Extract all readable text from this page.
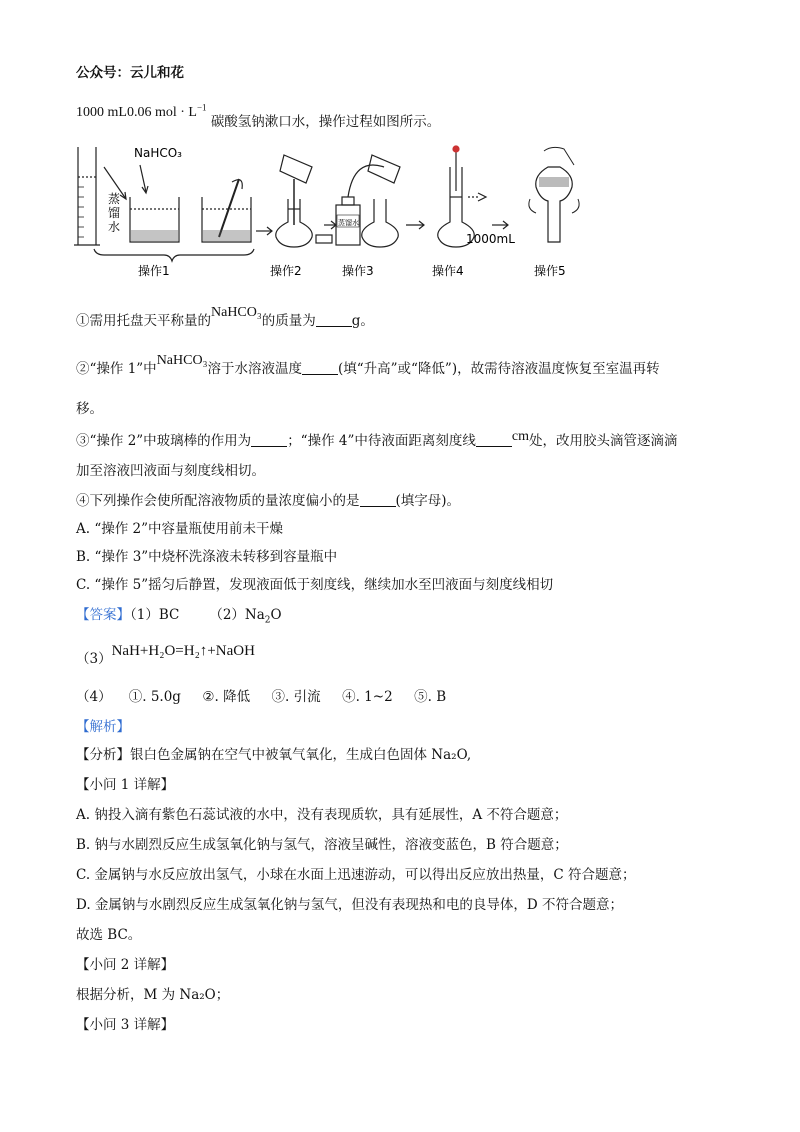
公众号：云儿和花
1000 mL0.06 mol · $L^{-1}$ 碳酸氢钠漱口水，操作过程如图所示。
NaHCO₃
蒸
馏
水	蒸馏水
1000mL
操作1	操作2	操作3	操作4	操作5
①需用托盘天平称量的NaHCO₃的质量为	g。
②“操作 1”中NaHCO₃溶于水溶液温度	(填“升高”或“降低”)，故需待溶液温度恢复至室温再转
移。
③“操作 2”中玻璃棒的作用为	；“操作 4”中待液面距离刻度线	cm处，改用胶头滴管逐滴滴
加至溶液凹液面与刻度线相切。
④下列操作会使所配溶液物质的量浓度偏小的是	(填字母)。
A. “操作 2”中容量瓶使用前未干燥
B. “操作 3”中烧杯洗涤液未转移到容量瓶中
C. “操作 5”摇匀后静置，发现液面低于刻度线，继续加水至凹液面与刻度线相切
【答案】（1）BC $(2)Na_2O$
（3）NaH+H₂O=H₂↑+NaOH
（4）    ①. 5.0g     ②. 降低     ③. 引流     ④. 1~2     ⑤. B
【解析】
【分析】银白色金属钠在空气中被氧气氧化，生成白色固体 Na₂O,
【小问 1 详解】
A. 钠投入滴有紫色石蕊试液的水中，没有表现质软，具有延展性，A 不符合题意；
B. 钠与水剧烈反应生成氢氧化钠与氢气，溶液呈碱性，溶液变蓝色，B 符合题意；
C. 金属钠与水反应放出氢气，小球在水面上迅速游动，可以得出反应放出热量，C 符合题意；
D. 金属钠与水剧烈反应生成氢氧化钠与氢气，但没有表现热和电的良导体，D 不符合题意；
故选 BC。
【小问 2 详解】
根据分析，M 为 Na₂O；
【小问 3 详解】
